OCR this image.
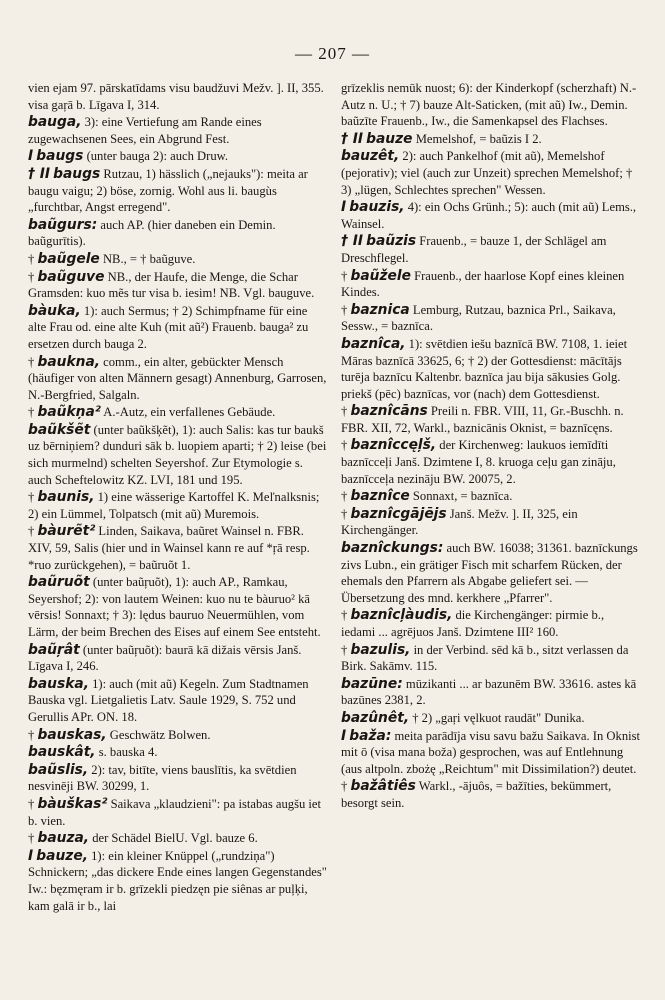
— 207 —

vien ejam 97. pārskatīdams visu baudžuvi Mežv. ]. II, 355. visa gaŗā b. Līgava I, 314.

bauga, 3): eine Vertiefung am Rande eines zugewachsenen Sees, ein Abgrund Fest.

I baugs (unter bauga 2): auch Druw.

† II baugs Rutzau, 1) hässlich („nejauks"): meita ar baugu vaigu; 2) böse, zornig. Wohl aus li. baugùs „furchtbar, Angst erregend".

baũgurs: auch AP. (hier daneben ein Demin. baũgurītis).

† baũgele NB., = † baũguve.

† baũguve NB., der Haufe, die Menge, die Schar Gramsden: kuo mẽs tur visa b. iesim! NB. Vgl. bauguve.

bàuka, 1): auch Sermus; † 2) Schimpfname für eine alte Frau od. eine alte Kuh (mit aũ²) Frauenb. bauga² zu ersetzen durch bauga 2.

† baukna, comm., ein alter, gebückter Mensch (häufiger von alten Männern gesagt) Annenburg, Garrosen, N.-Bergfried, Salgaln.

† baũkņa² A.-Autz, ein verfallenes Gebäude.

baũkšẽt (unter baũkšķẽt), 1): auch Salis: kas tur baukš uz bērniņiem? dunduri sāk b. luopiem aparti; † 2) leise (bei sich murmelnd) schelten Seyershof. Zur Etymologie s. auch Scheftelowitz KZ. LVI, 181 und 195.

† baunis, 1) eine wässerige Kartoffel K. Meľnalksnis; 2) ein Lümmel, Tolpatsch (mit aũ) Muremois.

† bàurẽt² Linden, Saikava, baũret Wainsel n. FBR. XIV, 59, Salis (hier und in Wainsel kann re auf *ŗā resp. *ruo zurückgehen), = baũruõt 1.

baũruõt (unter baũŗuõt), 1): auch AP., Ramkau, Seyershof; 2): von lautem Weinen: kuo nu te bàuruo² kā vērsis! Sonnaxt; † 3): lędus bauruo Neuermühlen, vom Lärm, der beim Brechen des Eises auf einem See entsteht.

baũŗât (unter baũŗuõt): baurā kā dižais vērsis Janš. Līgava I, 246.

bauska, 1): auch (mit aũ) Kegeln. Zum Stadtnamen Bauska vgl. Lietgalietis Latv. Saule 1929, S. 752 und Gerullis APr. ON. 18.

† bauskas, Geschwätz Bolwen.

bauskât, s. bauska 4.

baũslis, 2): tav, bitīte, viens bauslītis, ka svētdien nesvinēji BW. 30299, 1.

† bàuškas² Saikava „klaudzieni": pa istabas augšu iet b. vien.

† bauza, der Schädel BielU. Vgl. bauze 6.

I bauze, 1): ein kleiner Knüppel („rundziņa") Schnickern; „das dickere Ende eines langen Gegenstandes" Iw.: bęzmęram ir b. grīzekli piedzęn pie siênas ar puļķi, kam galā ir b., lai

grīzeklis nemūk nuost; 6): der Kinderkopf (scherzhaft) N.-Autz n. U.; † 7) bauze Alt-Saticken, (mit aũ) Iw., Demin. baũzīte Frauenb., Iw., die Samenkapsel des Flachses.

† II bauze Memelshof, = baũzis I 2.

bauzêt, 2): auch Pankelhof (mit aũ), Memelshof (pejorativ); viel (auch zur Unzeit) sprechen Memelshof; † 3) „lügen, Schlechtes sprechen" Wessen.

I bauzis, 4): ein Ochs Grünh.; 5): auch (mit aũ) Lems., Wainsel.

† II baũzis Frauenb., = bauze 1, der Schlägel am Dreschflegel.

† baũžele Frauenb., der haarlose Kopf eines kleinen Kindes.

† baznica Lemburg, Rutzau, baznica Prl., Saikava, Sessw., = baznīca.

baznîca, 1): svētdien iešu baznīcā BW. 7108, 1. ieiet Māras baznīcā 33625, 6; † 2) der Gottesdienst: mācītājs turēja baznīcu Kaltenbr. baznīca jau bija sākusies Golg. priekš (pēc) baznīcas, vor (nach) dem Gottesdienst.

† baznîcāns Preili n. FBR. VIII, 11, Gr.-Buschh. n. FBR. XII, 72, Warkl., baznicānis Oknist, = baznīcęns.

† baznîccęļš, der Kirchenweg: laukuos iemīdīti baznīcceļi Janš. Dzimtene I, 8. kruoga ceļu gan zināju, baznīcceļa nezināju BW. 20075, 2.

† baznîce Sonnaxt, = baznīca.

† baznîcgājējs Janš. Mežv. ]. II, 325, ein Kirchengänger.

baznîckungs: auch BW. 16038; 31361. baznīckungs zivs Lubn., ein grätiger Fisch mit scharfem Rücken, der ehemals den Pfarrern als Abgabe geliefert sei. — Übersetzung des mnd. kerkhere „Pfarrer".

† baznîcļàudis, die Kirchengänger: pirmie b., iedami ... agrējuos Janš. Dzimtene III² 160.

† bazulis, in der Verbind. sēd kā b., sitzt verlassen da Birk. Sakāmv. 115.

bazūne: mūzikanti ... ar bazunēm BW. 33616. astes kā bazūnes 2381, 2.

bazûnêt, † 2) „gaŗi vęlkuot raudāt" Dunika.

I baža: meita parādīja visu savu bažu Saikava. In Oknist mit ō (visa mana boža) gesprochen, was auf Entlehnung (aus altpoln. zbożę „Reichtum" mit Dissimilation?) deutet.

† bažâtiês Warkl., -ājuôs, = bažīties, bekümmert, besorgt sein.
